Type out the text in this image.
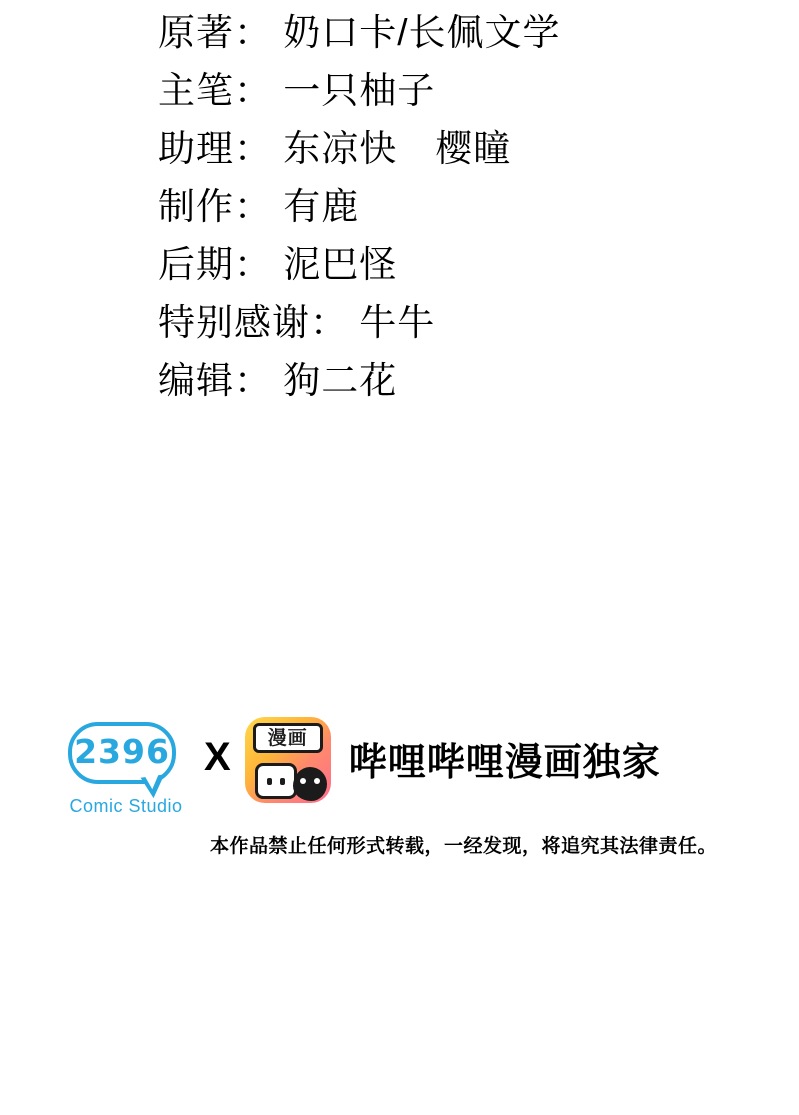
原著： 奶口卡/长佩文学
主笔： 一只柚子
助理： 东凉快　樱瞳
制作： 有鹿
后期： 泥巴怪
特别感谢： 牛牛
编辑： 狗二花
2396
Comic Studio
X	漫画
哔哩哔哩漫画独家
本作品禁止任何形式转载，一经发现，将追究其法律责任。
